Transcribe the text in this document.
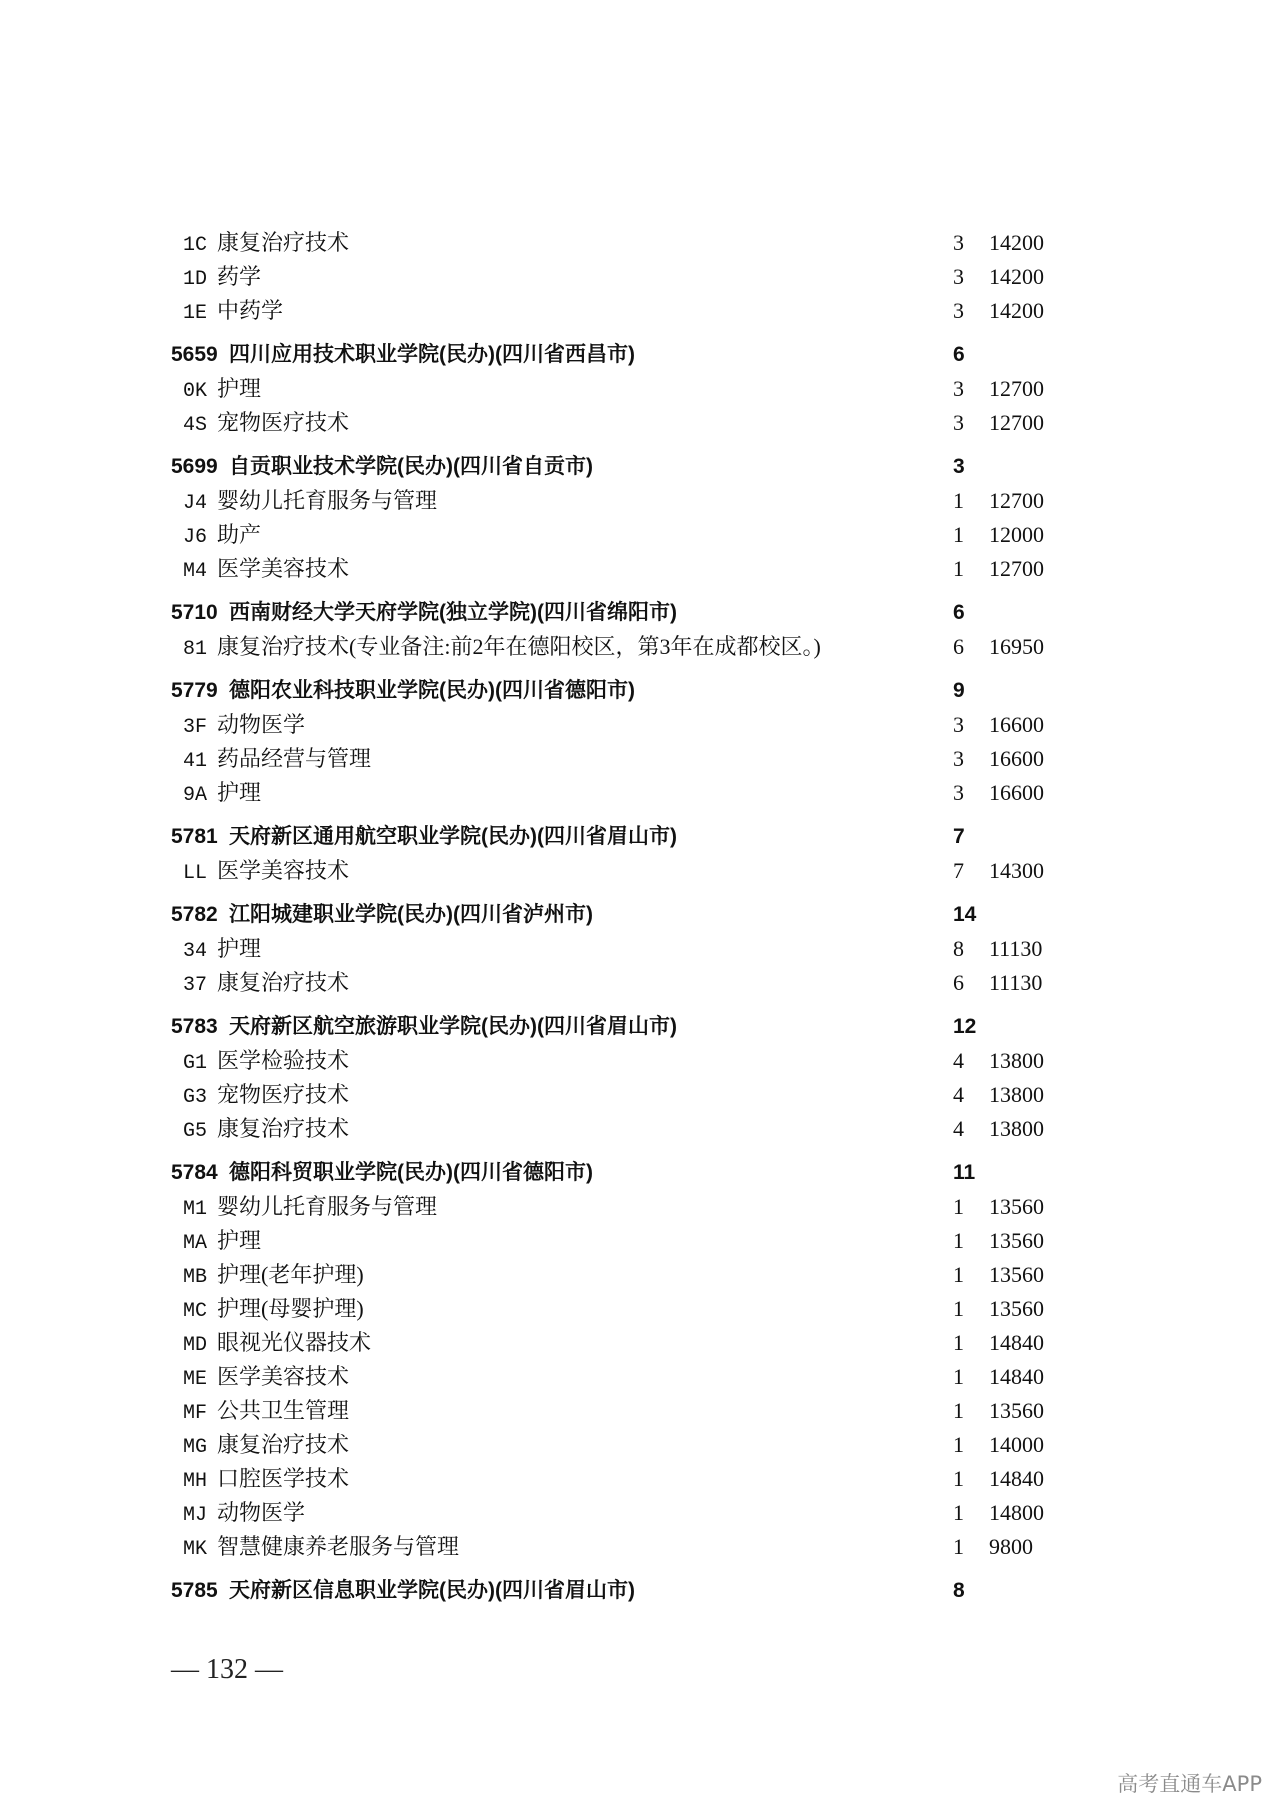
1C 康复治疗技术	3	14200
1D 药学	3	14200
1E 中药学	3	14200
5659 四川应用技术职业学院(民办)(四川省西昌市)	6
0K 护理	3	12700
4S 宠物医疗技术	3	12700
5699 自贡职业技术学院(民办)(四川省自贡市)	3
J4 婴幼儿托育服务与管理	1	12700
J6 助产	1	12000
M4 医学美容技术	1	12700
5710 西南财经大学天府学院(独立学院)(四川省绵阳市)	6
81 康复治疗技术(专业备注:前2年在德阳校区，第3年在成都校区。)	6	16950
5779 德阳农业科技职业学院(民办)(四川省德阳市)	9
3F 动物医学	3	16600
41 药品经营与管理	3	16600
9A 护理	3	16600
5781 天府新区通用航空职业学院(民办)(四川省眉山市)	7
LL 医学美容技术	7	14300
5782 江阳城建职业学院(民办)(四川省泸州市)	14
34 护理	8	11130
37 康复治疗技术	6	11130
5783 天府新区航空旅游职业学院(民办)(四川省眉山市)	12
G1 医学检验技术	4	13800
G3 宠物医疗技术	4	13800
G5 康复治疗技术	4	13800
5784 德阳科贸职业学院(民办)(四川省德阳市)	11
M1 婴幼儿托育服务与管理	1	13560
MA 护理	1	13560
MB 护理(老年护理)	1	13560
MC 护理(母婴护理)	1	13560
MD 眼视光仪器技术	1	14840
ME 医学美容技术	1	14840
MF 公共卫生管理	1	13560
MG 康复治疗技术	1	14000
MH 口腔医学技术	1	14840
MJ 动物医学	1	14800
MK 智慧健康养老服务与管理	1	9800
5785 天府新区信息职业学院(民办)(四川省眉山市)	8
— 132 —
高考直通车APP
